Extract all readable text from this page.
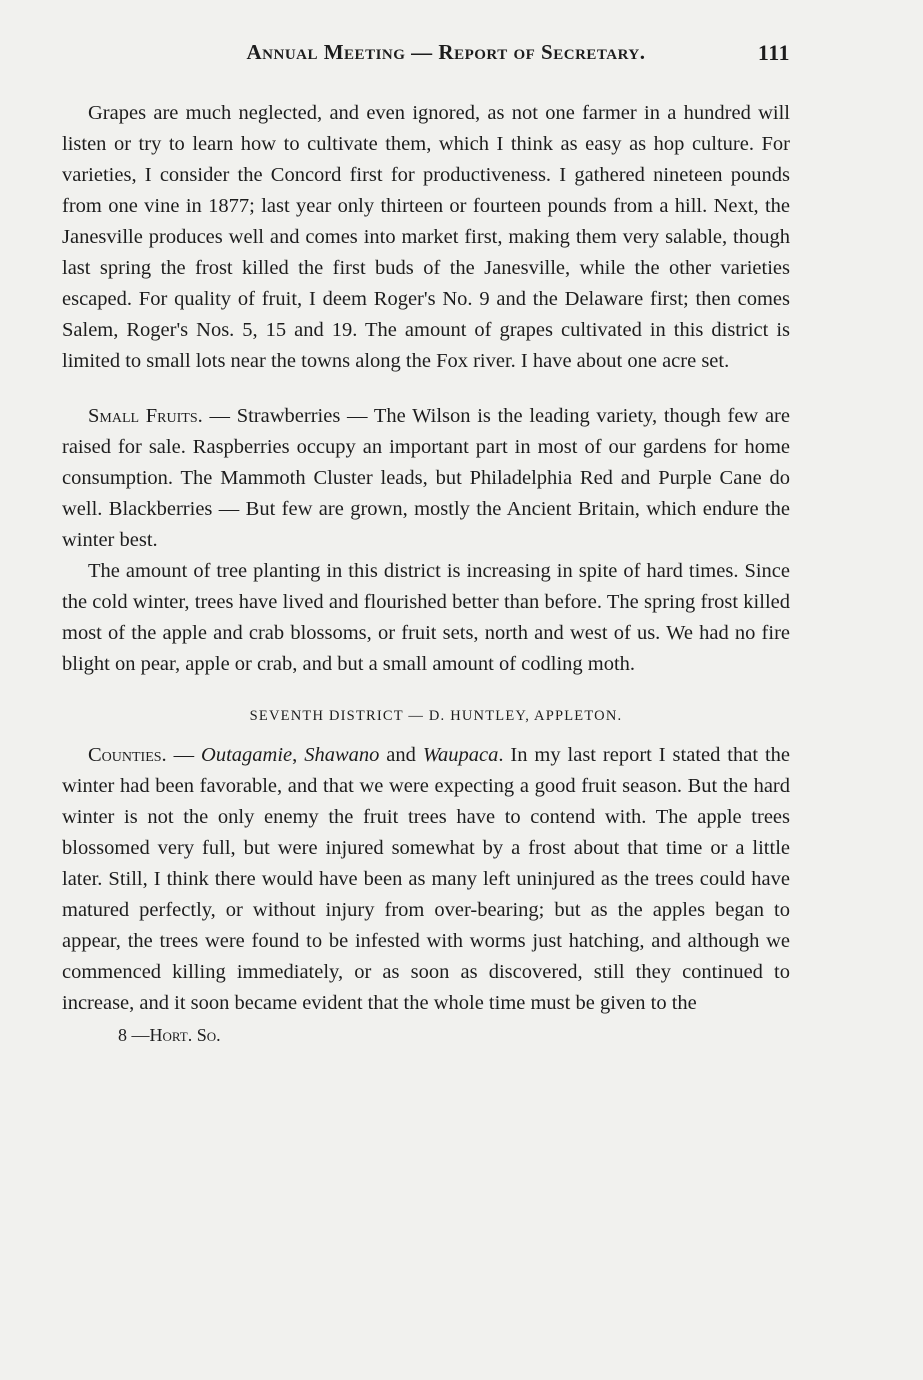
Annual Meeting — Report of Secretary.	111

Grapes are much neglected, and even ignored, as not one farmer in a hundred will listen or try to learn how to cultivate them, which I think as easy as hop culture. For varieties, I consider the Concord first for productiveness. I gathered nineteen pounds from one vine in 1877; last year only thirteen or fourteen pounds from a hill. Next, the Janesville produces well and comes into market first, making them very salable, though last spring the frost killed the first buds of the Janesville, while the other varieties escaped. For quality of fruit, I deem Roger's No. 9 and the Delaware first; then comes Salem, Roger's Nos. 5, 15 and 19. The amount of grapes cultivated in this district is limited to small lots near the towns along the Fox river. I have about one acre set.

Small Fruits. — Strawberries — The Wilson is the leading variety, though few are raised for sale. Raspberries occupy an important part in most of our gardens for home consumption. The Mammoth Cluster leads, but Philadelphia Red and Purple Cane do well. Blackberries — But few are grown, mostly the Ancient Britain, which endure the winter best.

The amount of tree planting in this district is increasing in spite of hard times. Since the cold winter, trees have lived and flourished better than before. The spring frost killed most of the apple and crab blossoms, or fruit sets, north and west of us. We had no fire blight on pear, apple or crab, and but a small amount of codling moth.

SEVENTH DISTRICT — D. HUNTLEY, APPLETON.

Counties. — Outagamie, Shawano and Waupaca. In my last report I stated that the winter had been favorable, and that we were expecting a good fruit season. But the hard winter is not the only enemy the fruit trees have to contend with. The apple trees blossomed very full, but were injured somewhat by a frost about that time or a little later. Still, I think there would have been as many left uninjured as the trees could have matured perfectly, or without injury from over-bearing; but as the apples began to appear, the trees were found to be infested with worms just hatching, and although we commenced killing immediately, or as soon as discovered, still they continued to increase, and it soon became evident that the whole time must be given to the

8 —Hort. So.
